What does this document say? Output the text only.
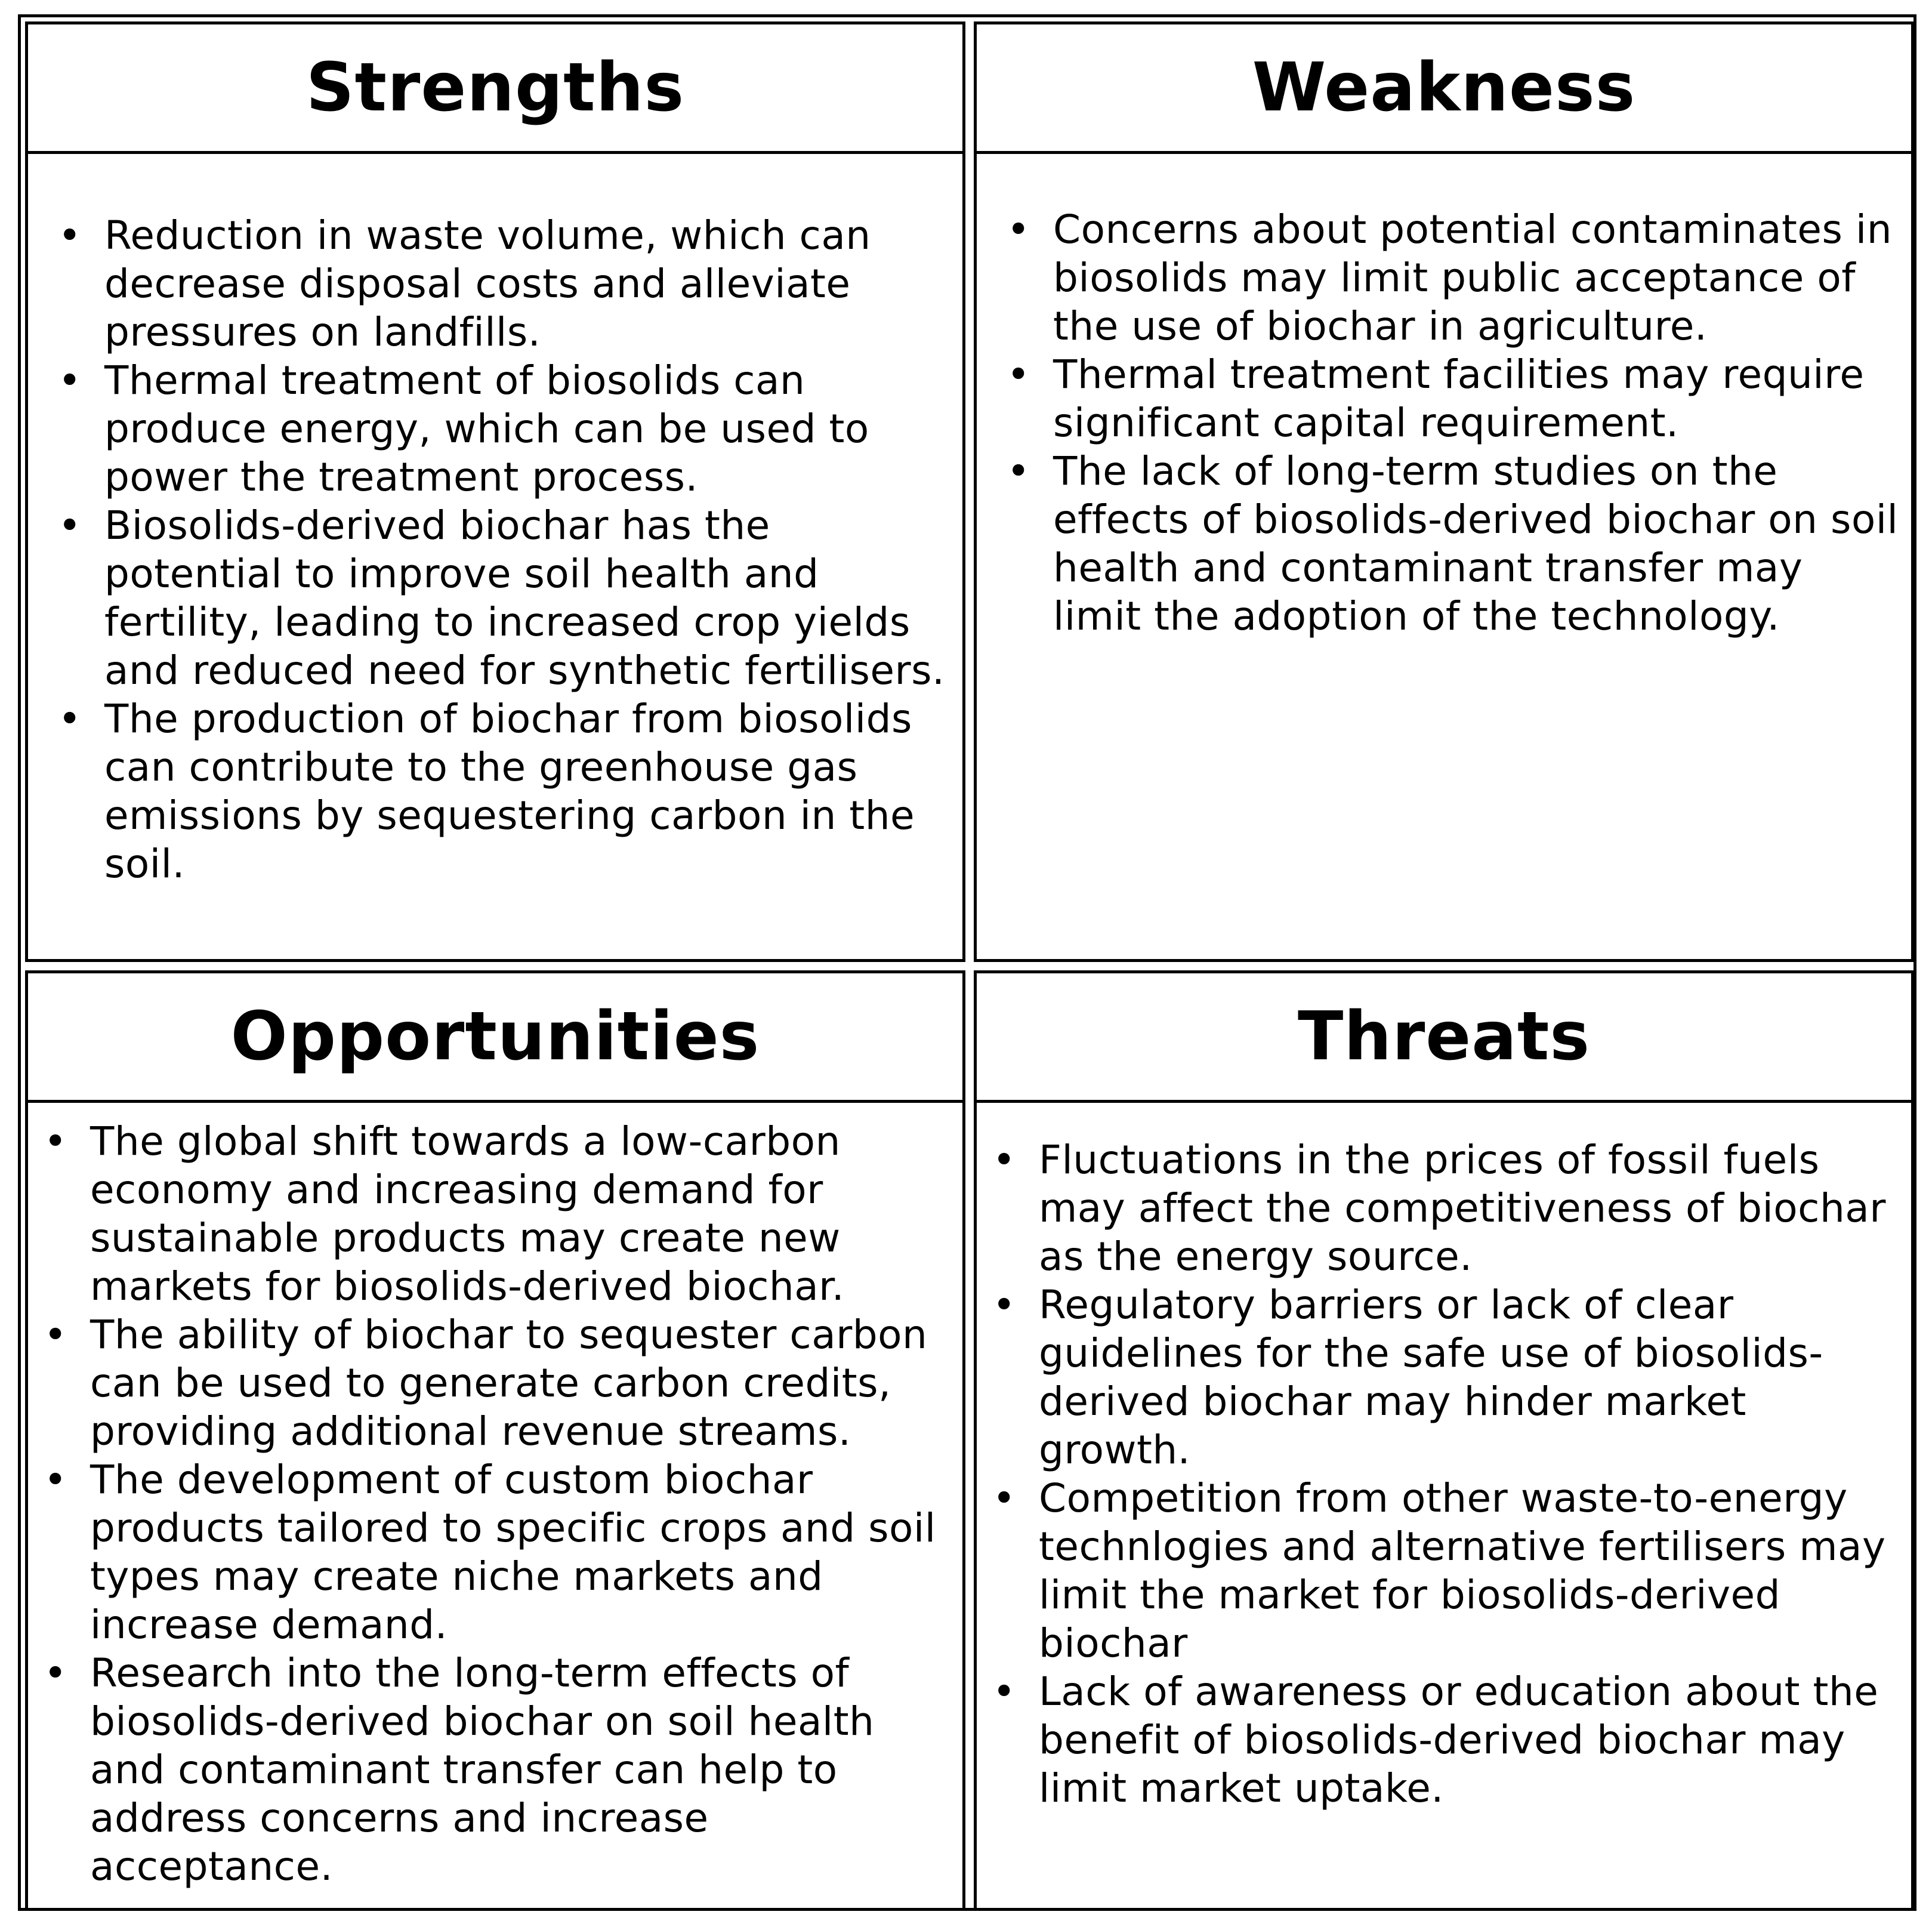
Strengths
• Reduction in waste volume, which can decrease disposal costs and alleviate pressures on landfills.
• Thermal treatment of biosolids can produce energy, which can be used to power the treatment process.
• Biosolids-derived biochar has the potential to improve soil health and fertility, leading to increased crop yields and reduced need for synthetic fertilisers.
• The production of biochar from biosolids can contribute to the greenhouse gas emissions by sequestering carbon in the soil.
Weakness
• Concerns about potential contaminates in biosolids may limit public acceptance of the use of biochar in agriculture.
• Thermal treatment facilities may require significant capital requirement.
• The lack of long-term studies on the effects of biosolids-derived biochar on soil health and contaminant transfer may limit the adoption of the technology.
Opportunities
• The global shift towards a low-carbon economy and increasing demand for sustainable products may create new markets for biosolids-derived biochar.
• The ability of biochar to sequester carbon can be used to generate carbon credits, providing additional revenue streams.
• The development of custom biochar products tailored to specific crops and soil types may create niche markets and increase demand.
• Research into the long-term effects of biosolids-derived biochar on soil health and contaminant transfer can help to address concerns and increase acceptance.
Threats
• Fluctuations in the prices of fossil fuels may affect the competitiveness of biochar as the energy source.
• Regulatory barriers or lack of clear guidelines for the safe use of biosolids-derived biochar may hinder market growth.
• Competition from other waste-to-energy technlogies and alternative fertilisers may limit the market for biosolids-derived biochar
• Lack of awareness or education about the benefit of biosolids-derived biochar may limit market uptake.
